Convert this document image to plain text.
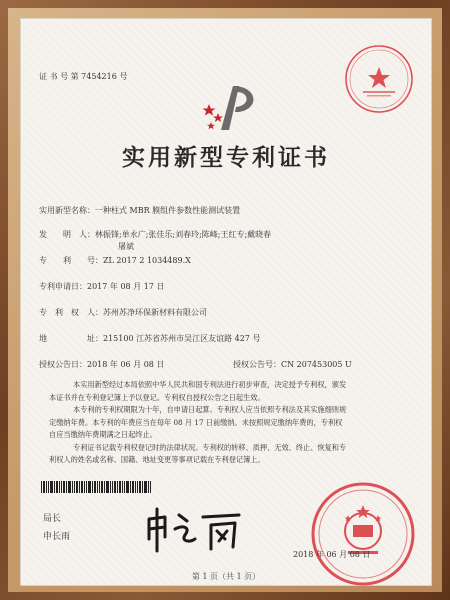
证 书 号 第 7454216 号
实用新型专利证书
实用新型名称：一种柱式 MBR 膜组件参数性能测试装置
发　　明　人：林振锋;单永广;张佳乐;刘春玲;陈峰;王红专;戴晓春
屠斌
专　　利　　号：ZL 2017 2 1034489.X
专利申请日：2017 年 08 月 17 日
专　利　权　人：苏州苏净环保新材料有限公司
地　　　　　址：215100 江苏省苏州市吴江区友谊路 427 号
授权公告日：2018 年 06 月 08 日	授权公告号：CN 207453005 U
本实用新型经过本局依照中华人民共和国专利法进行初步审查，决定授予专利权，颁发
本证书并在专利登记簿上予以登记。专利权自授权公告之日起生效。
本专利的专利权期限为十年，自申请日起算。专利权人应当依照专利法及其实施细则规
定缴纳年费。本专利的年费应当在每年 08 月 17 日前缴纳。未按照规定缴纳年费的，专利权
自应当缴纳年费期满之日起终止。
专利证书记载专利权登记时的法律状况。专利权的转移、质押、无效、终止、恢复和专
利权人的姓名或名称、国籍、地址变更等事项记载在专利登记簿上。
局长
申长雨
2018 年 06 月 08 日
第 1 页（共 1 页）
